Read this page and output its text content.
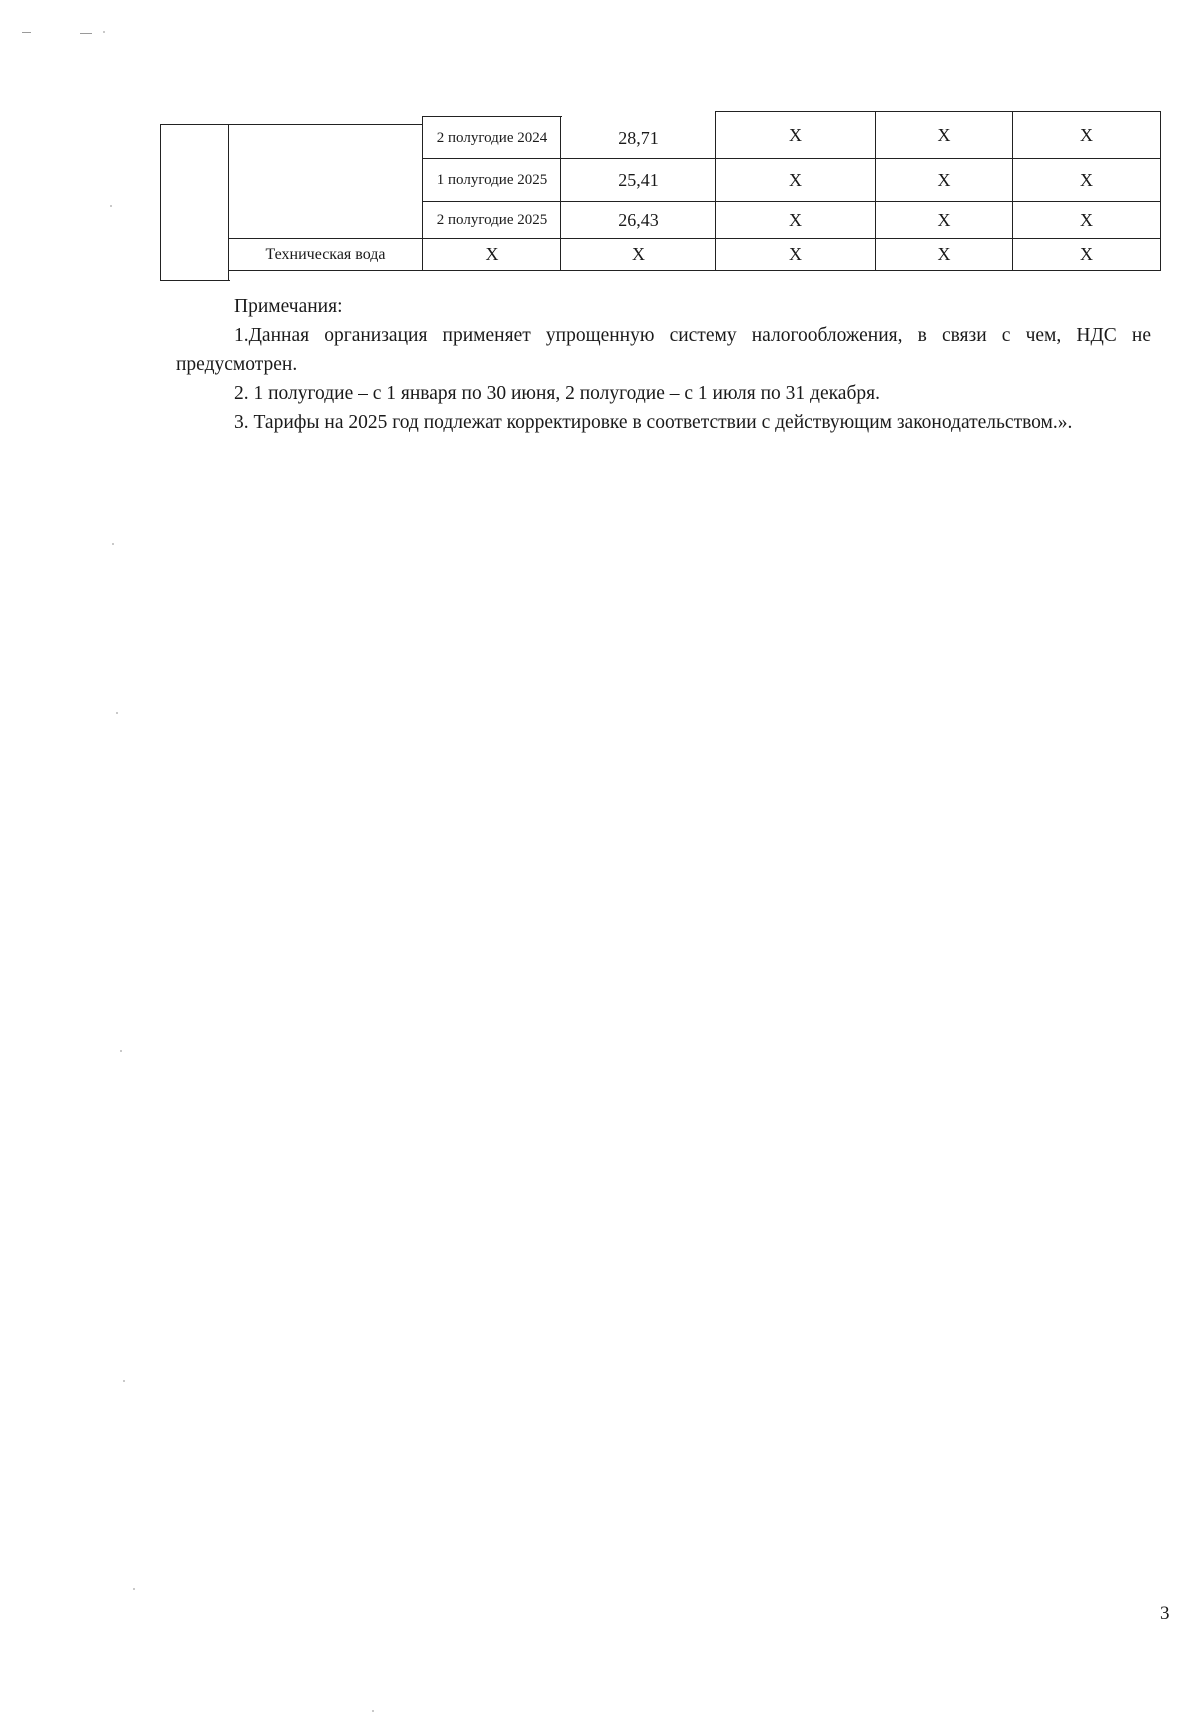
2 полугодие 2024	28,71	X	X	X
1 полугодие 2025	25,41	X	X	X
2 полугодие 2025	26,43	X	X	X
Техническая вода	X	X	X	X	X

Примечания:

1.Данная организация применяет упрощенную систему налогообложения, в связи с чем, НДС не предусмотрен.

2. 1 полугодие – с 1 января по 30 июня, 2 полугодие – с 1 июля по 31 декабря.

3. Тарифы на 2025 год подлежат корректировке в соответствии с действующим законодательством.».

3
